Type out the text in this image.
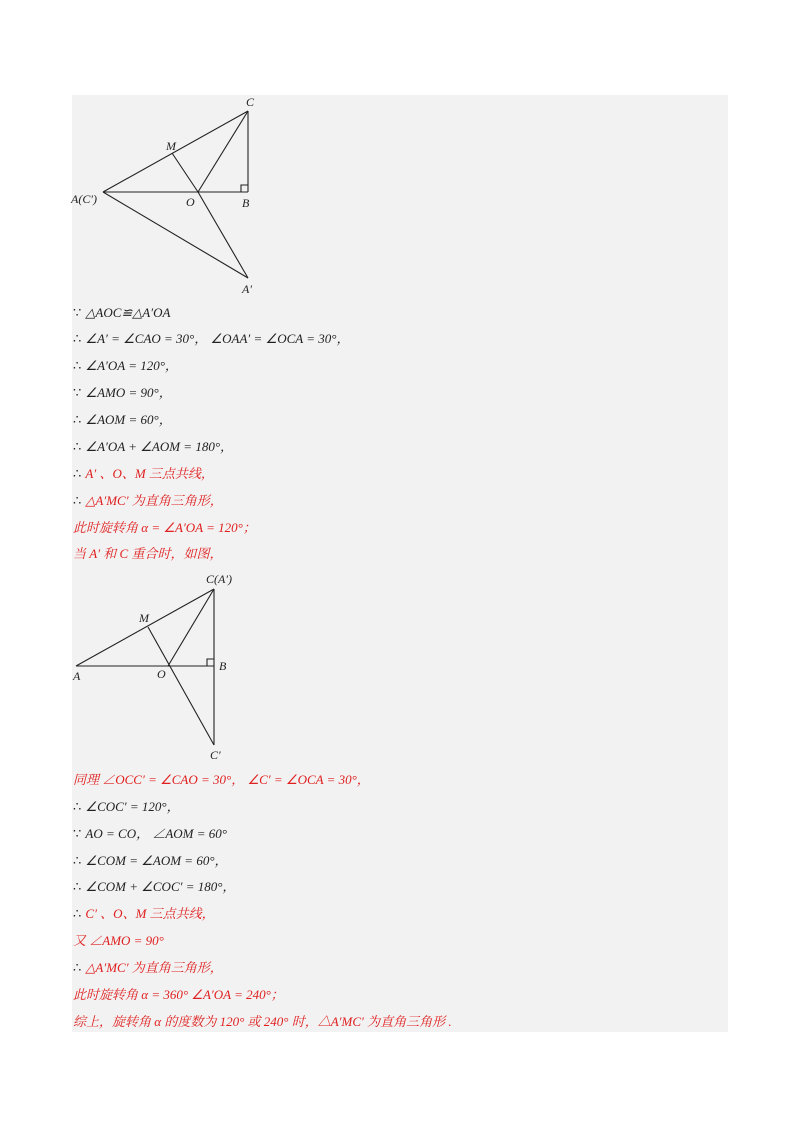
C
M
A(C′)	O	B
A′
∵ △AOC≌△A′OA
∴ ∠A′ = ∠CAO = 30°， ∠OAA′ = ∠OCA = 30°，
∴ ∠A′OA = 120°，
∵ ∠AMO = 90°，
∴ ∠AOM = 60°，
∴ ∠A′OA + ∠AOM = 180°，
∴ A′ 、O、M 三点共线，
∴ △A′MC′ 为直角三角形，
此时旋转角 α = ∠A′OA = 120°；
当 A′ 和 C 重合时，如图，
C(A′)
M
A	O
B
C′
同理 ∠OCC′ = ∠CAO = 30°， ∠C′ = ∠OCA = 30°，
∴ ∠COC′ = 120°，
∵ AO = CO， ∠AOM = 60°
∴ ∠COM = ∠AOM = 60°，
∴ ∠COM + ∠COC′ = 180°，
∴ C′ 、O、M 三点共线，
又 ∠AMO = 90°
∴ △A′MC′ 为直角三角形，
此时旋转角 α = 360° ∠A′OA = 240°；
综上，旋转角 α 的度数为 120° 或 240° 时，△A′MC′ 为直角三角形 .
